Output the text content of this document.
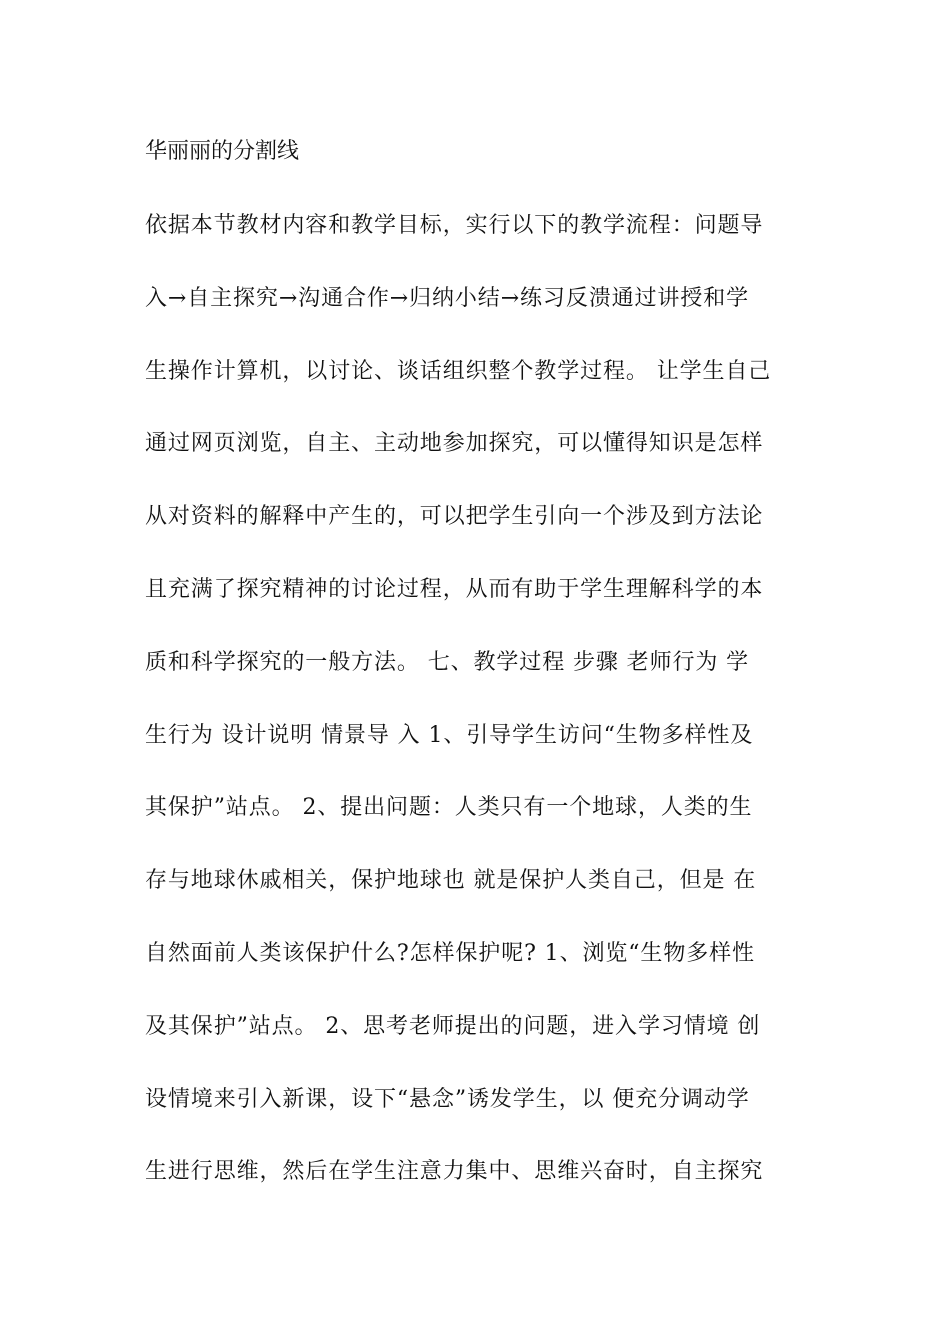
华丽丽的分割线
依据本节教材内容和教学目标，实行以下的教学流程：问题导
入→自主探究→沟通合作→归纳小结→练习反溃通过讲授和学
生操作计算机，以讨论、谈话组织整个教学过程。 让学生自己
通过网页浏览，自主、主动地参加探究，可以懂得知识是怎样
从对资料的解释中产生的，可以把学生引向一个涉及到方法论
且充满了探究精神的讨论过程，从而有助于学生理解科学的本
质和科学探究的一般方法。 七、教学过程 步骤 老师行为 学
生行为 设计说明 情景导 入 1、引导学生访问“生物多样性及
其保护”站点。 2、提出问题：人类只有一个地球，人类的生
存与地球休戚相关，保护地球也 就是保护人类自己，但是 在
自然面前人类该保护什么?怎样保护呢? 1、浏览“生物多样性
及其保护”站点。 2、思考老师提出的问题，进入学习情境 创
设情境来引入新课，设下“悬念”诱发学生，以 便充分调动学
生进行思维，然后在学生注意力集中、思维兴奋时，自主探究
